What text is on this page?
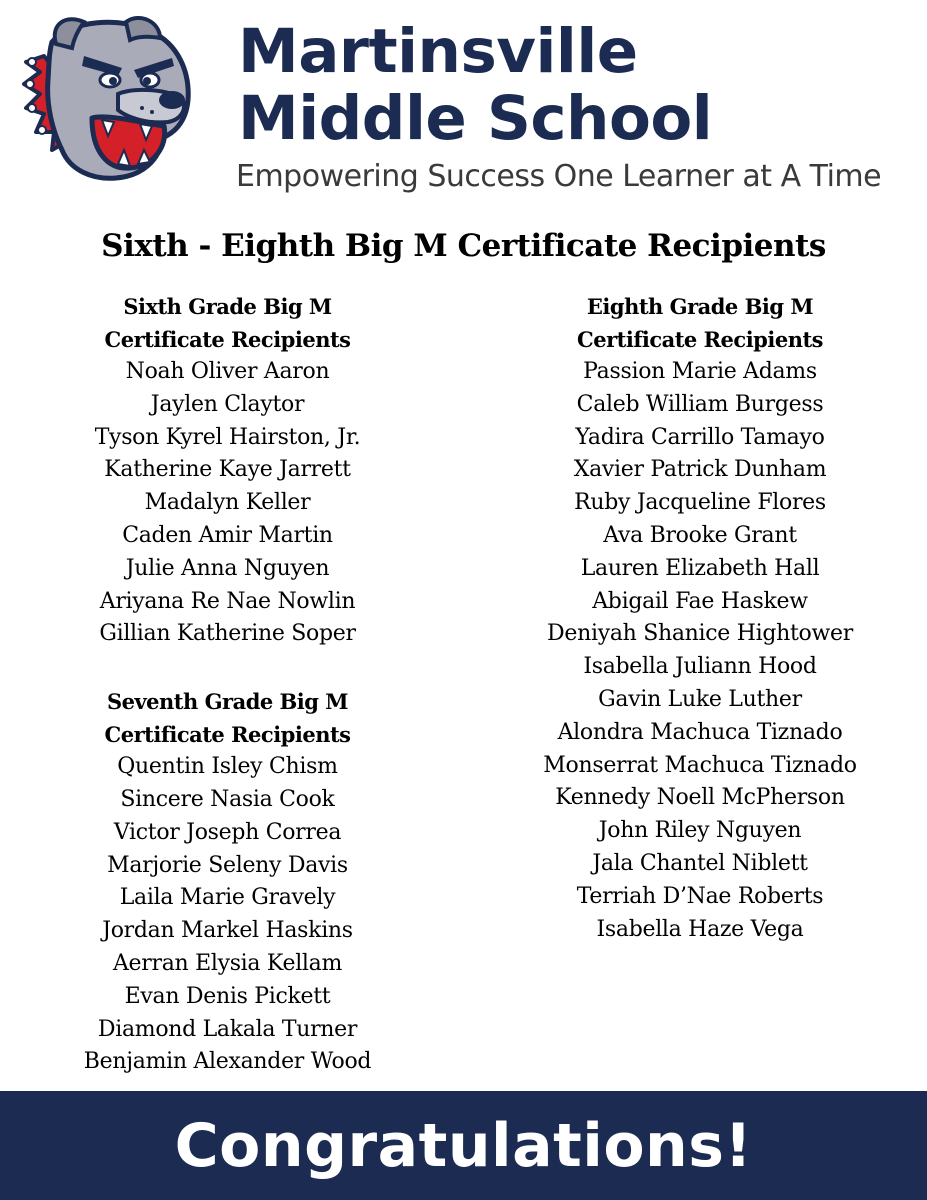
Martinsville
Middle School

Empowering Success One Learner at A Time

Sixth - Eighth Big M Certificate Recipients
Sixth Grade Big M
Certificate Recipients
Noah Oliver Aaron
Jaylen Claytor
Tyson Kyrel Hairston, Jr.
Katherine Kaye Jarrett
Madalyn Keller
Caden Amir Martin
Julie Anna Nguyen
Ariyana Re Nae Nowlin
Gillian Katherine Soper
Seventh Grade Big M
Certificate Recipients
Quentin Isley Chism
Sincere Nasia Cook
Victor Joseph Correa
Marjorie Seleny Davis
Laila Marie Gravely
Jordan Markel Haskins
Aerran Elysia Kellam
Evan Denis Pickett
Diamond Lakala Turner
Benjamin Alexander Wood
Eighth Grade Big M
Certificate Recipients
Passion Marie Adams
Caleb William Burgess
Yadira Carrillo Tamayo
Xavier Patrick Dunham
Ruby Jacqueline Flores
Ava Brooke Grant
Lauren Elizabeth Hall
Abigail Fae Haskew
Deniyah Shanice Hightower
Isabella Juliann Hood
Gavin Luke Luther
Alondra Machuca Tiznado
Monserrat Machuca Tiznado
Kennedy Noell McPherson
John Riley Nguyen
Jala Chantel Niblett
Terriah D’Nae Roberts
Isabella Haze Vega
Congratulations!
